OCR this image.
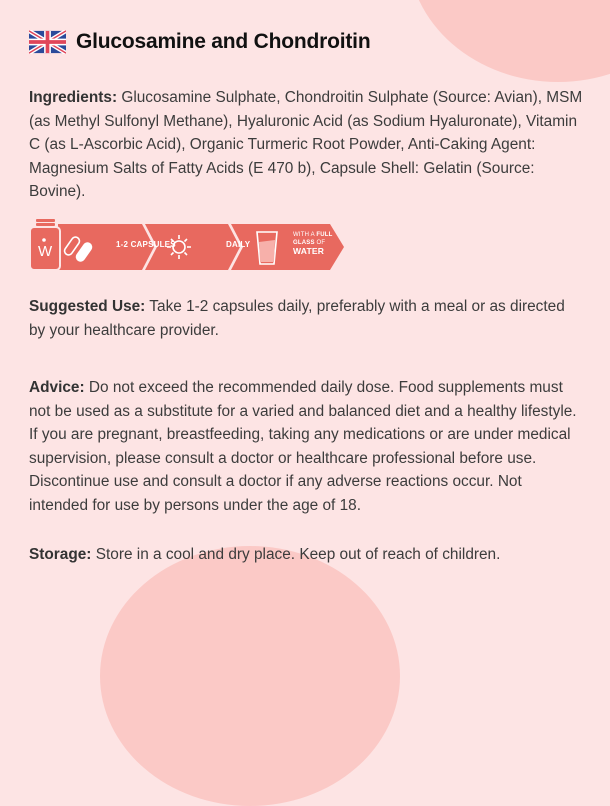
Glucosamine and Chondroitin
Ingredients: Glucosamine Sulphate, Chondroitin Sulphate (Source: Avian), MSM (as Methyl Sulfonyl Methane), Hyaluronic Acid (as Sodium Hyaluronate), Vitamin C (as L-Ascorbic Acid), Organic Turmeric Root Powder, Anti-Caking Agent: Magnesium Salts of Fatty Acids (E 470 b), Capsule Shell: Gelatin (Source: Bovine).
W	1-2 CAPSULES	DAILY
WITH A FULL
GLASS OF
WATER
Suggested Use: Take 1-2 capsules daily, preferably with a meal or as directed by your healthcare provider.
Advice: Do not exceed the recommended daily dose. Food supplements must not be used as a substitute for a varied and balanced diet and a healthy lifestyle. If you are pregnant, breastfeeding, taking any medications or are under medical supervision, please consult a doctor or healthcare professional before use. Discontinue use and consult a doctor if any adverse reactions occur. Not intended for use by persons under the age of 18.
Storage: Store in a cool and dry place. Keep out of reach of children.
